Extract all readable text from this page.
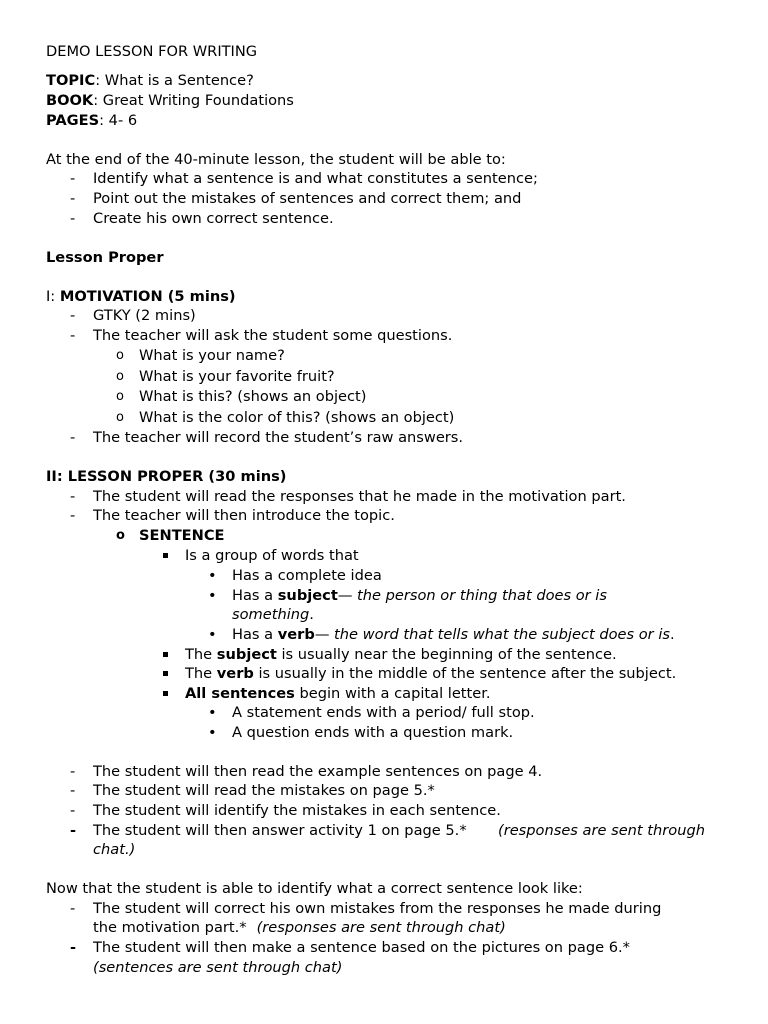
DEMO LESSON FOR WRITING
TOPIC: What is a Sentence?
BOOK: Great Writing Foundations
PAGES: 4- 6
At the end of the 40-minute lesson, the student will be able to:
- Identify what a sentence is and what constitutes a sentence;
- Point out the mistakes of sentences and correct them; and
- Create his own correct sentence.
Lesson Proper
I: MOTIVATION (5 mins)
- GTKY (2 mins)
- The teacher will ask the student some questions.
o What is your name?
o What is your favorite fruit?
o What is this? (shows an object)
o What is the color of this? (shows an object)
- The teacher will record the student’s raw answers.
II: LESSON PROPER (30 mins)
- The student will read the responses that he made in the motivation part.
- The teacher will then introduce the topic.
o SENTENCE
Is a group of words that
• Has a complete idea
• Has a subject— the person or thing that does or is
something.
• Has a verb— the word that tells what the subject does or is.
The subject is usually near the beginning of the sentence.
The verb is usually in the middle of the sentence after the subject.
All sentences begin with a capital letter.
• A statement ends with a period/ full stop.
• A question ends with a question mark.
- The student will then read the example sentences on page 4.
- The student will read the mistakes on page 5.*
- The student will identify the mistakes in each sentence.
- The student will then answer activity 1 on page 5.* (responses are sent through
chat.)
Now that the student is able to identify what a correct sentence look like:
- The student will correct his own mistakes from the responses he made during
the motivation part.* (responses are sent through chat)
- The student will then make a sentence based on the pictures on page 6.*
(sentences are sent through chat)
